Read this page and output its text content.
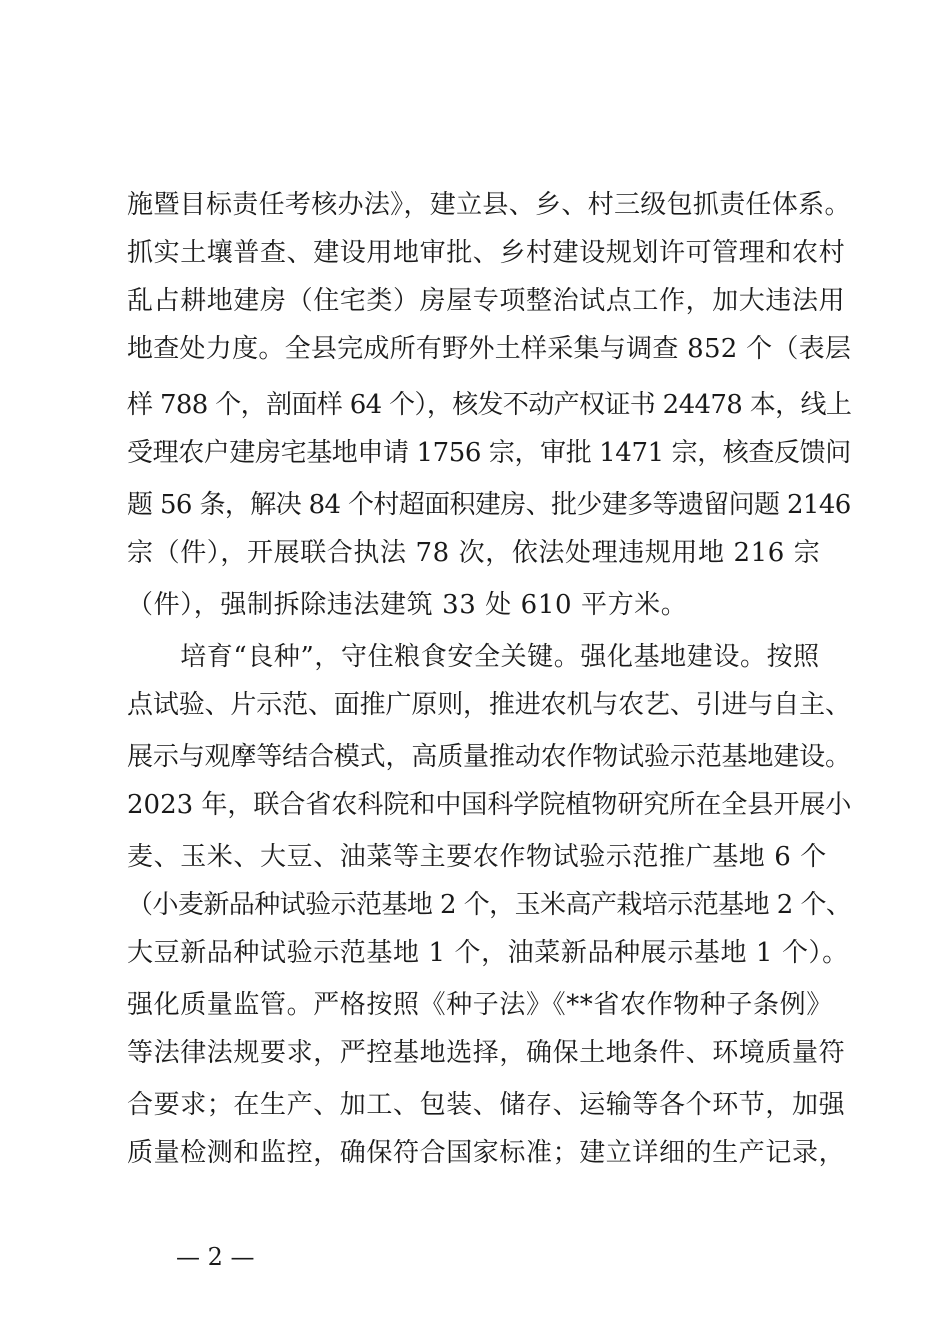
施暨目标责任考核办法》，建立县、乡、村三级包抓责任体系。
抓实土壤普查、建设用地审批、乡村建设规划许可管理和农村
乱占耕地建房（住宅类）房屋专项整治试点工作，加大违法用
地查处力度。全县完成所有野外土样采集与调查 852 个（表层
样 788 个，剖面样 64 个），核发不动产权证书 24478 本，线上
受理农户建房宅基地申请 1756 宗，审批 1471 宗，核查反馈问
题 56 条，解决 84 个村超面积建房、批少建多等遗留问题 2146
宗（件），开展联合执法 78 次，依法处理违规用地 216 宗
（件），强制拆除违法建筑 33 处 610 平方米。
　　培育“良种”，守住粮食安全关键。强化基地建设。按照
点试验、片示范、面推广原则，推进农机与农艺、引进与自主、
展示与观摩等结合模式，高质量推动农作物试验示范基地建设。
2023 年，联合省农科院和中国科学院植物研究所在全县开展小
麦、玉米、大豆、油菜等主要农作物试验示范推广基地 6 个
（小麦新品种试验示范基地 2 个，玉米高产栽培示范基地 2 个、
大豆新品种试验示范基地 1 个，油菜新品种展示基地 1 个）。
强化质量监管。严格按照《种子法》《**省农作物种子条例》
等法律法规要求，严控基地选择，确保土地条件、环境质量符
合要求；在生产、加工、包装、储存、运输等各个环节，加强
质量检测和监控，确保符合国家标准；建立详细的生产记录，
— 2 —
